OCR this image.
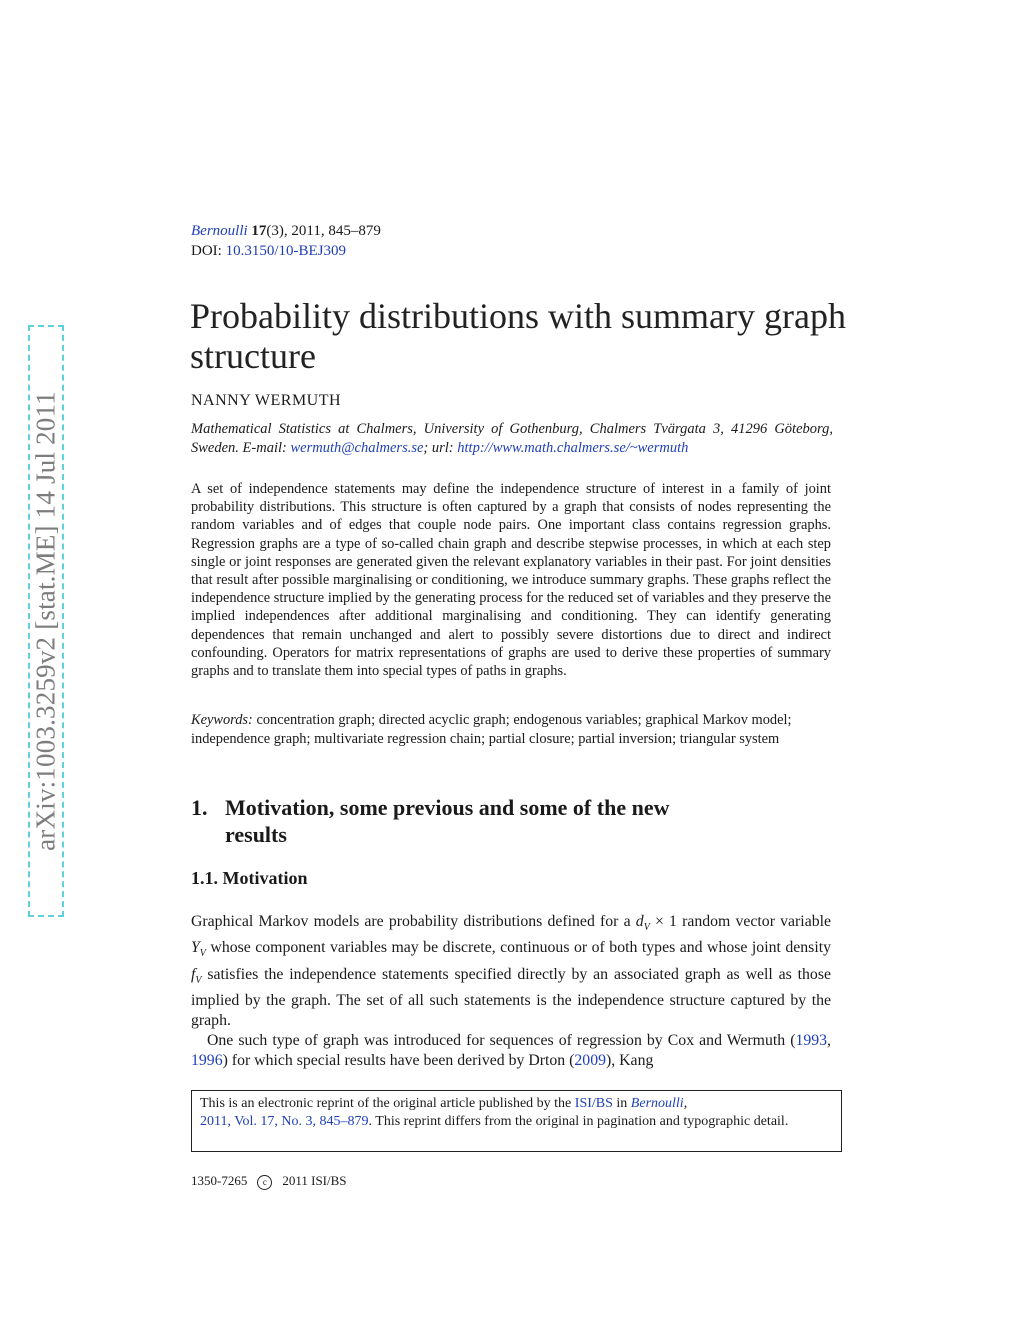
arXiv:1003.3259v2 [stat.ME] 14 Jul 2011
Bernoulli 17(3), 2011, 845–879
DOI: 10.3150/10-BEJ309
Probability distributions with summary graph structure
NANNY WERMUTH
Mathematical Statistics at Chalmers, University of Gothenburg, Chalmers Tvärgata 3, 41296 Göteborg, Sweden. E-mail: wermuth@chalmers.se; url: http://www.math.chalmers.se/~wermuth

A set of independence statements may define the independence structure of interest in a family of joint probability distributions. This structure is often captured by a graph that consists of nodes representing the random variables and of edges that couple node pairs. One important class contains regression graphs. Regression graphs are a type of so-called chain graph and describe stepwise processes, in which at each step single or joint responses are generated given the relevant explanatory variables in their past. For joint densities that result after possible marginalising or conditioning, we introduce summary graphs. These graphs reflect the independence structure implied by the generating process for the reduced set of variables and they preserve the implied independences after additional marginalising and conditioning. They can identify generating dependences that remain unchanged and alert to possibly severe distortions due to direct and indirect confounding. Operators for matrix representations of graphs are used to derive these properties of summary graphs and to translate them into special types of paths in graphs.

Keywords: concentration graph; directed acyclic graph; endogenous variables; graphical Markov model; independence graph; multivariate regression chain; partial closure; partial inversion; triangular system

1. Motivation, some previous and some of the new
results
1.1. Motivation

Graphical Markov models are probability distributions defined for a $d_V \times 1$ random vector variable $Y_V$ whose component variables may be discrete, continuous or of both types and whose joint density $f_V$ satisfies the independence statements specified directly by an associated graph as well as those implied by the graph. The set of all such statements is the independence structure captured by the graph.

One such type of graph was introduced for sequences of regression by Cox and Wermuth (1993, 1996) for which special results have been derived by Drton (2009), Kang

This is an electronic reprint of the original article published by the ISI/BS in Bernoulli,
2011, Vol. 17, No. 3, 845–879. This reprint differs from the original in pagination and typographic detail.
1350-7265 c 2011 ISI/BS
